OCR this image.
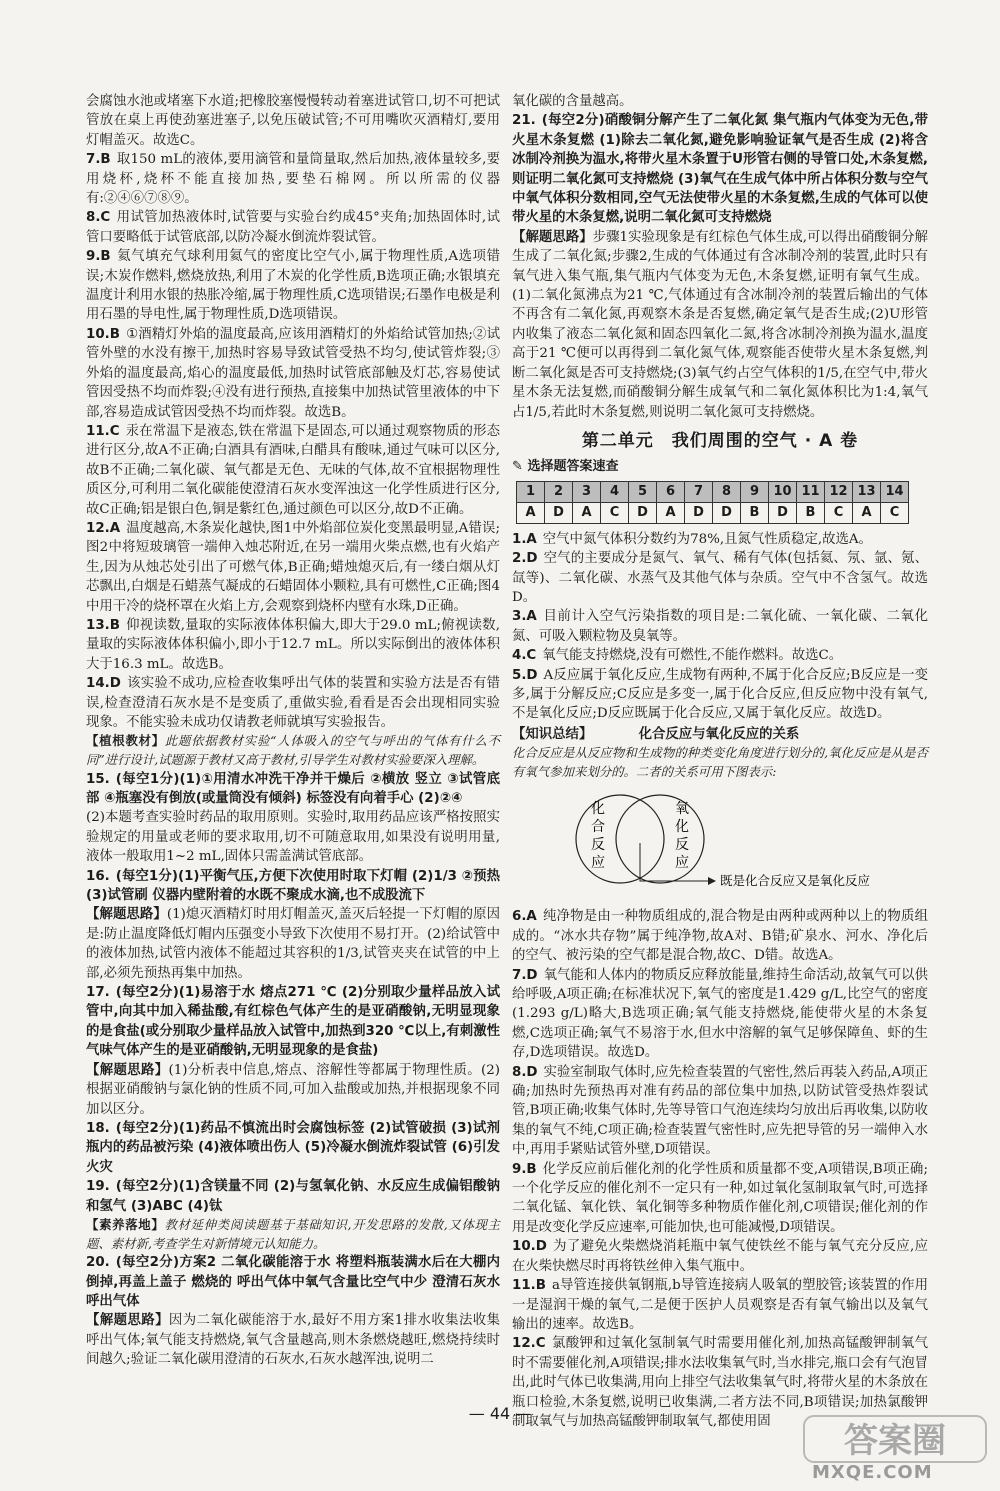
会腐蚀水池或堵塞下水道;把橡胶塞慢慢转动着塞进试管口,切不可把试管放在桌上再使劲塞进塞子,以免压破试管;不可用嘴吹灭酒精灯,要用灯帽盖灭。故选C。

7.B 取150 mL的液体,要用滴管和量筒量取,然后加热,液体量较多,要用烧杯,烧杯不能直接加热,要垫石棉网。所以所需的仪器有:②④⑥⑦⑧⑨。

8.C 用试管加热液体时,试管要与实验台约成45°夹角;加热固体时,试管口要略低于试管底部,以防冷凝水倒流炸裂试管。

9.B 氦气填充气球利用氦气的密度比空气小,属于物理性质,A选项错误;木炭作燃料,燃烧放热,利用了木炭的化学性质,B选项正确;水银填充温度计利用水银的热胀冷缩,属于物理性质,C选项错误;石墨作电极是利用石墨的导电性,属于物理性质,D选项错误。

10.B ①酒精灯外焰的温度最高,应该用酒精灯的外焰给试管加热;②试管外壁的水没有擦干,加热时容易导致试管受热不均匀,使试管炸裂;③外焰的温度最高,焰心的温度最低,加热时试管底部触及灯芯,容易使试管因受热不均而炸裂;④没有进行预热,直接集中加热试管里液体的中下部,容易造成试管因受热不均而炸裂。故选B。

11.C 汞在常温下是液态,铁在常温下是固态,可以通过观察物质的形态进行区分,故A不正确;白酒具有酒味,白醋具有酸味,通过气味可以区分,故B不正确;二氧化碳、氧气都是无色、无味的气体,故不宜根据物理性质区分,可利用二氧化碳能使澄清石灰水变浑浊这一化学性质进行区分,故C正确;铝是银白色,铜是紫红色,通过颜色可以区分,故D不正确。

12.A 温度越高,木条炭化越快,图1中外焰部位炭化变黑最明显,A错误;图2中将短玻璃管一端伸入烛芯附近,在另一端用火柴点燃,也有火焰产生,因为从烛芯处引出了可燃气体,B正确;蜡烛熄灭后,有一缕白烟从灯芯飘出,白烟是石蜡蒸气凝成的石蜡固体小颗粒,具有可燃性,C正确;图4中用干冷的烧杯罩在火焰上方,会观察到烧杯内壁有水珠,D正确。

13.B 仰视读数,量取的实际液体体积偏大,即大于29.0 mL;俯视读数,量取的实际液体体积偏小,即小于12.7 mL。所以实际倒出的液体体积大于16.3 mL。故选B。

14.D 该实验不成功,应检查收集呼出气体的装置和实验方法是否有错误,检查澄清石灰水是不是变质了,重做实验,看看是否会出现相同实验现象。不能实验未成功仅请教老师就填写实验报告。

【植根教材】此题依据教材实验“人体吸入的空气与呼出的气体有什么不同”进行设计,试题源于教材又高于教材,引导学生对教材实验要深入理解。

15. (每空1分)(1)①用清水冲洗干净并干燥后 ②横放 竖立 ③试管底部 ④瓶塞没有倒放(或量筒没有倾斜) 标签没有向着手心 (2)②④

(2)本题考查实验时药品的取用原则。实验时,取用药品应该严格按照实验规定的用量或老师的要求取用,切不可随意取用,如果没有说明用量,液体一般取用1~2 mL,固体只需盖满试管底部。

16. (每空1分)(1)平衡气压,方便下次使用时取下灯帽 (2)1/3 ②预热 (3)试管刷 仪器内壁附着的水既不聚成水滴,也不成股流下

【解题思路】(1)熄灭酒精灯时用灯帽盖灭,盖灭后轻提一下灯帽的原因是:防止温度降低灯帽内压强变小导致下次使用不易打开。(2)给试管中的液体加热,试管内液体不能超过其容积的1/3,试管夹夹在试管的中上部,必须先预热再集中加热。

17. (每空2分)(1)易溶于水 熔点271 ℃ (2)分别取少量样品放入试管中,向其中加入稀盐酸,有红棕色气体产生的是亚硝酸钠,无明显现象的是食盐(或分别取少量样品放入试管中,加热到320 ℃以上,有刺激性气味气体产生的是亚硝酸钠,无明显现象的是食盐)

【解题思路】(1)分析表中信息,熔点、溶解性等都属于物理性质。(2)根据亚硝酸钠与氯化钠的性质不同,可加入盐酸或加热,并根据现象不同加以区分。

18. (每空2分)(1)药品不慎流出时会腐蚀标签 (2)试管破损 (3)试剂瓶内的药品被污染 (4)液体喷出伤人 (5)冷凝水倒流炸裂试管 (6)引发火灾

19. (每空2分)(1)含镁量不同 (2)与氢氧化钠、水反应生成偏铝酸钠和氢气 (3)ABC (4)钛

【素养落地】教材延伸类阅读题基于基础知识,开发思路的发散,又体现主题、素材新,考查学生对新情境元认知能力。

20. (每空2分)方案2 二氧化碳能溶于水 将塑料瓶装满水后在大棚内倒掉,再盖上盖子 燃烧的 呼出气体中氧气含量比空气中少 澄清石灰水 呼出气体

【解题思路】因为二氧化碳能溶于水,最好不用方案1排水收集法收集呼出气体;氧气能支持燃烧,氧气含量越高,则木条燃烧越旺,燃烧持续时间越久;验证二氧化碳用澄清的石灰水,石灰水越浑浊,说明二

氧化碳的含量越高。

21. (每空2分)硝酸铜分解产生了二氧化氮 集气瓶内气体变为无色,带火星木条复燃 (1)除去二氧化氮,避免影响验证氧气是否生成 (2)将含冰制冷剂换为温水,将带火星木条置于U形管右侧的导管口处,木条复燃,则证明二氧化氮可支持燃烧 (3)氧气在生成气体中所占体积分数与空气中氧气体积分数相同,空气无法使带火星的木条复燃,生成的气体可以使带火星的木条复燃,说明二氧化氮可支持燃烧

【解题思路】步骤1实验现象是有红棕色气体生成,可以得出硝酸铜分解生成了二氧化氮;步骤2,生成的气体通过有含冰制冷剂的装置,此时只有氧气进入集气瓶,集气瓶内气体变为无色,木条复燃,证明有氧气生成。(1)二氧化氮沸点为21 ℃,气体通过有含冰制冷剂的装置后输出的气体不再含有二氧化氮,再观察木条是否复燃,确定氧气是否生成;(2)U形管内收集了液态二氧化氮和固态四氧化二氮,将含冰制冷剂换为温水,温度高于21 ℃便可以再得到二氧化氮气体,观察能否使带火星木条复燃,判断二氧化氮是否可支持燃烧;(3)氧气约占空气体积的1/5,在空气中,带火星木条无法复燃,而硝酸铜分解生成氧气和二氧化氮体积比为1:4,氧气占1/5,若此时木条复燃,则说明二氧化氮可支持燃烧。

第二单元　我们周围的空气 · A 卷
✎ 选择题答案速查
1	2	3	4	5	6	7	8	9	10	11	12	13	14
A	D	A	C	D	A	D	D	B	D	B	C	A	C

1.A 空气中氮气体积分数约为78%,且氮气性质稳定,故选A。

2.D 空气的主要成分是氮气、氧气、稀有气体(包括氦、氖、氩、氪、氙等)、二氧化碳、水蒸气及其他气体与杂质。空气中不含氢气。故选D。

3.A 目前计入空气污染指数的项目是:二氧化硫、一氧化碳、二氧化氮、可吸入颗粒物及臭氧等。

4.C 氧气能支持燃烧,没有可燃性,不能作燃料。故选C。

5.D A反应属于氧化反应,生成物有两种,不属于化合反应;B反应是一变多,属于分解反应;C反应是多变一,属于化合反应,但反应物中没有氧气,不是氧化反应;D反应既属于化合反应,又属于氧化反应。故选D。

【知识总结】	化合反应与氧化反应的关系

化合反应是从反应物和生成物的种类变化角度进行划分的,氧化反应是从是否有氧气参加来划分的。二者的关系可用下图表示:

化
合
反
应
氧
化
反
应
既是化合反应又是氧化反应

6.A 纯净物是由一种物质组成的,混合物是由两种或两种以上的物质组成的。“冰水共存物”属于纯净物,故A对、B错;矿泉水、河水、净化后的空气、被污染的空气都是混合物,故C、D错。故选A。

7.D 氧气能和人体内的物质反应释放能量,维持生命活动,故氧气可以供给呼吸,A项正确;在标准状况下,氧气的密度是1.429 g/L,比空气的密度(1.293 g/L)略大,B选项正确;氧气能支持燃烧,能使带火星的木条复燃,C选项正确;氧气不易溶于水,但水中溶解的氧气足够保障鱼、虾的生存,D选项错误。故选D。

8.D 实验室制取气体时,应先检查装置的气密性,然后再装入药品,A项正确;加热时先预热再对准有药品的部位集中加热,以防试管受热炸裂试管,B项正确;收集气体时,先等导管口气泡连续均匀放出后再收集,以防收集的氧气不纯,C项正确;检查装置气密性时,应先把导管的另一端伸入水中,再用手紧贴试管外壁,D项错误。

9.B 化学反应前后催化剂的化学性质和质量都不变,A项错误,B项正确;一个化学反应的催化剂不一定只有一种,如过氧化氢制取氧气时,可选择二氧化锰、氧化铁、氧化铜等多种物质作催化剂,C项错误;催化剂的作用是改变化学反应速率,可能加快,也可能减慢,D项错误。

10.D 为了避免火柴燃烧消耗瓶中氧气使铁丝不能与氧气充分反应,应在火柴快燃尽时再将铁丝伸入集气瓶中。

11.B a导管连接供氧钢瓶,b导管连接病人吸氧的塑胶管;该装置的作用一是湿润干燥的氧气,二是便于医护人员观察是否有氧气输出以及氧气输出的速率。故选B。

12.C 氯酸钾和过氧化氢制氧气时需要用催化剂,加热高锰酸钾制氧气时不需要催化剂,A项错误;排水法收集氧气时,当水排完,瓶口会有气泡冒出,此时气体已收集满,用向上排空气法收集氧气时,将带火星的木条放在瓶口检验,木条复燃,说明已收集满,二者方法不同,B项错误;加热氯酸钾制取氧气与加热高锰酸钾制取氧气,都使用固

— 44 —
答案圈
MXQE.COM
